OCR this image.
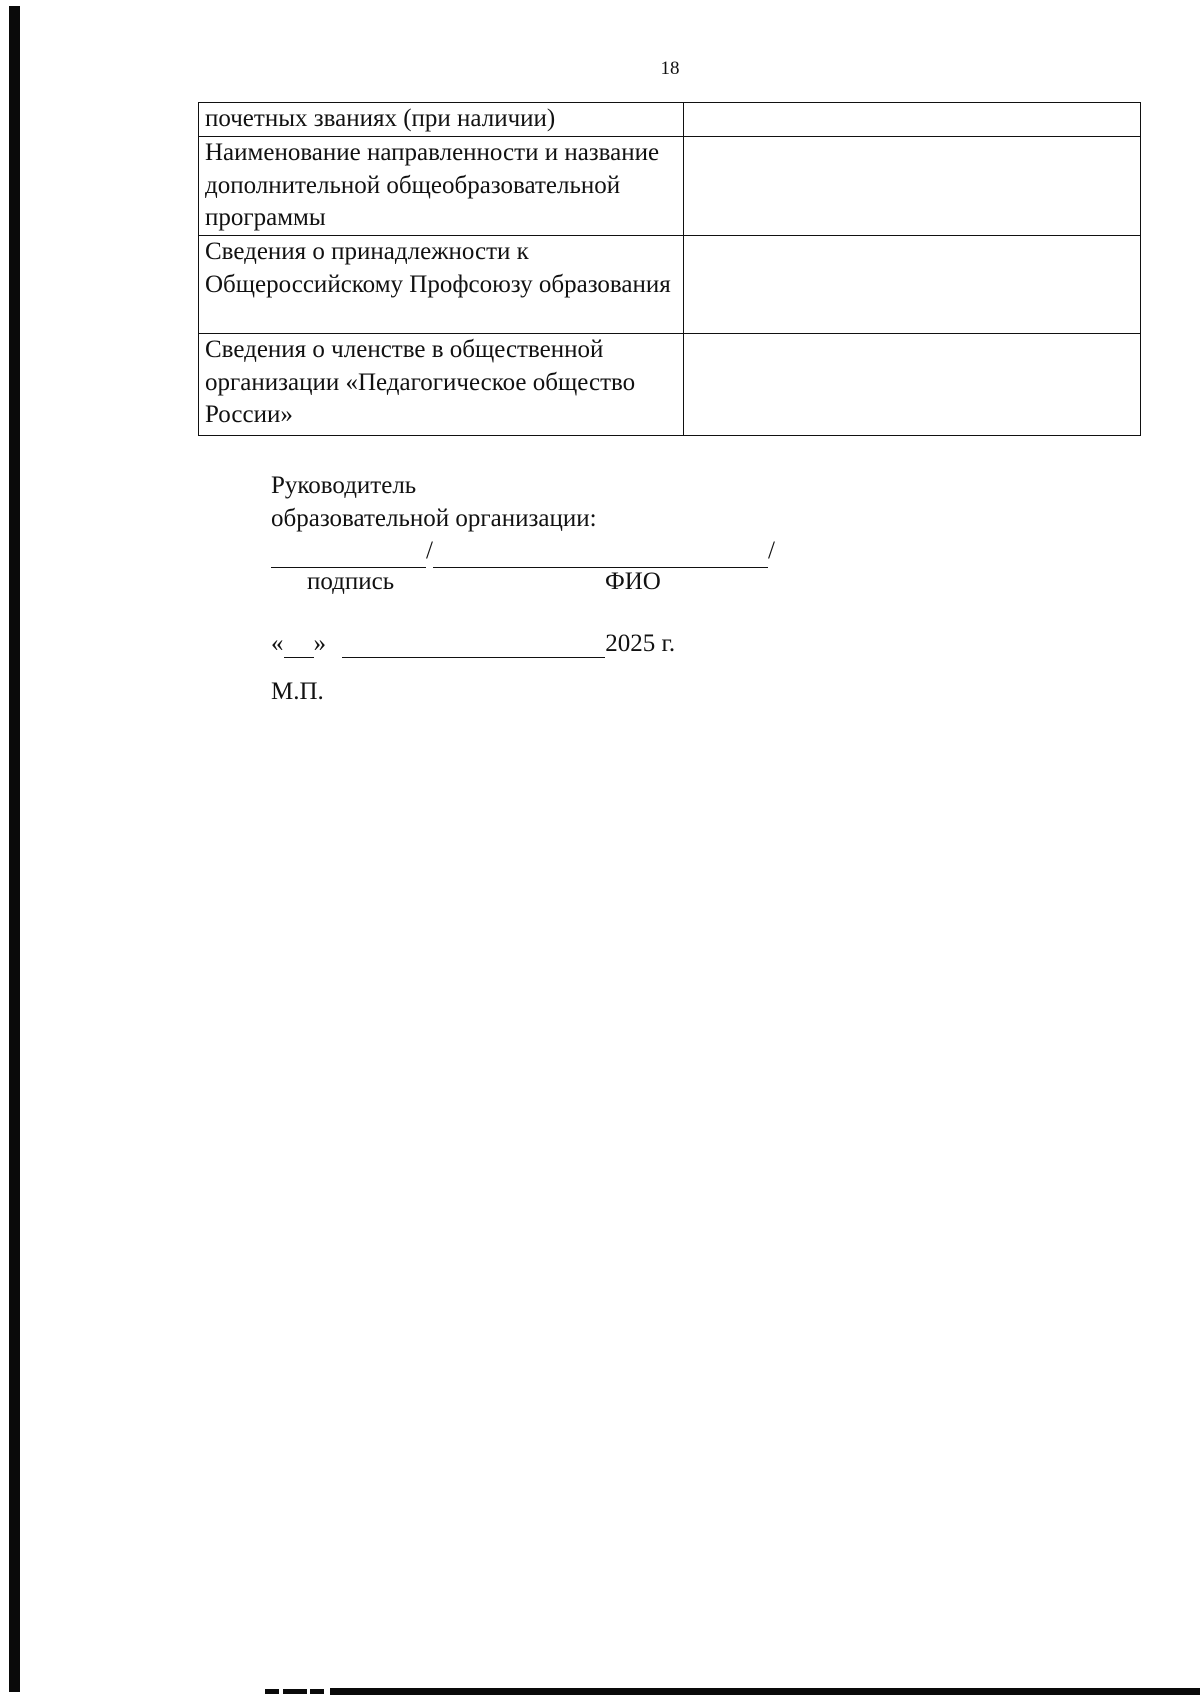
18
почетных званиях (при наличии)	
Наименование направленности и название дополнительной общеобразовательной программы	
Сведения о принадлежности к Общероссийскому Профсоюзу образования	
Сведения о членстве в общественной организации «Педагогическое общество России»	
Руководитель
образовательной организации:
/	/
подпись	ФИО
« »	2025 г.
М.П.
